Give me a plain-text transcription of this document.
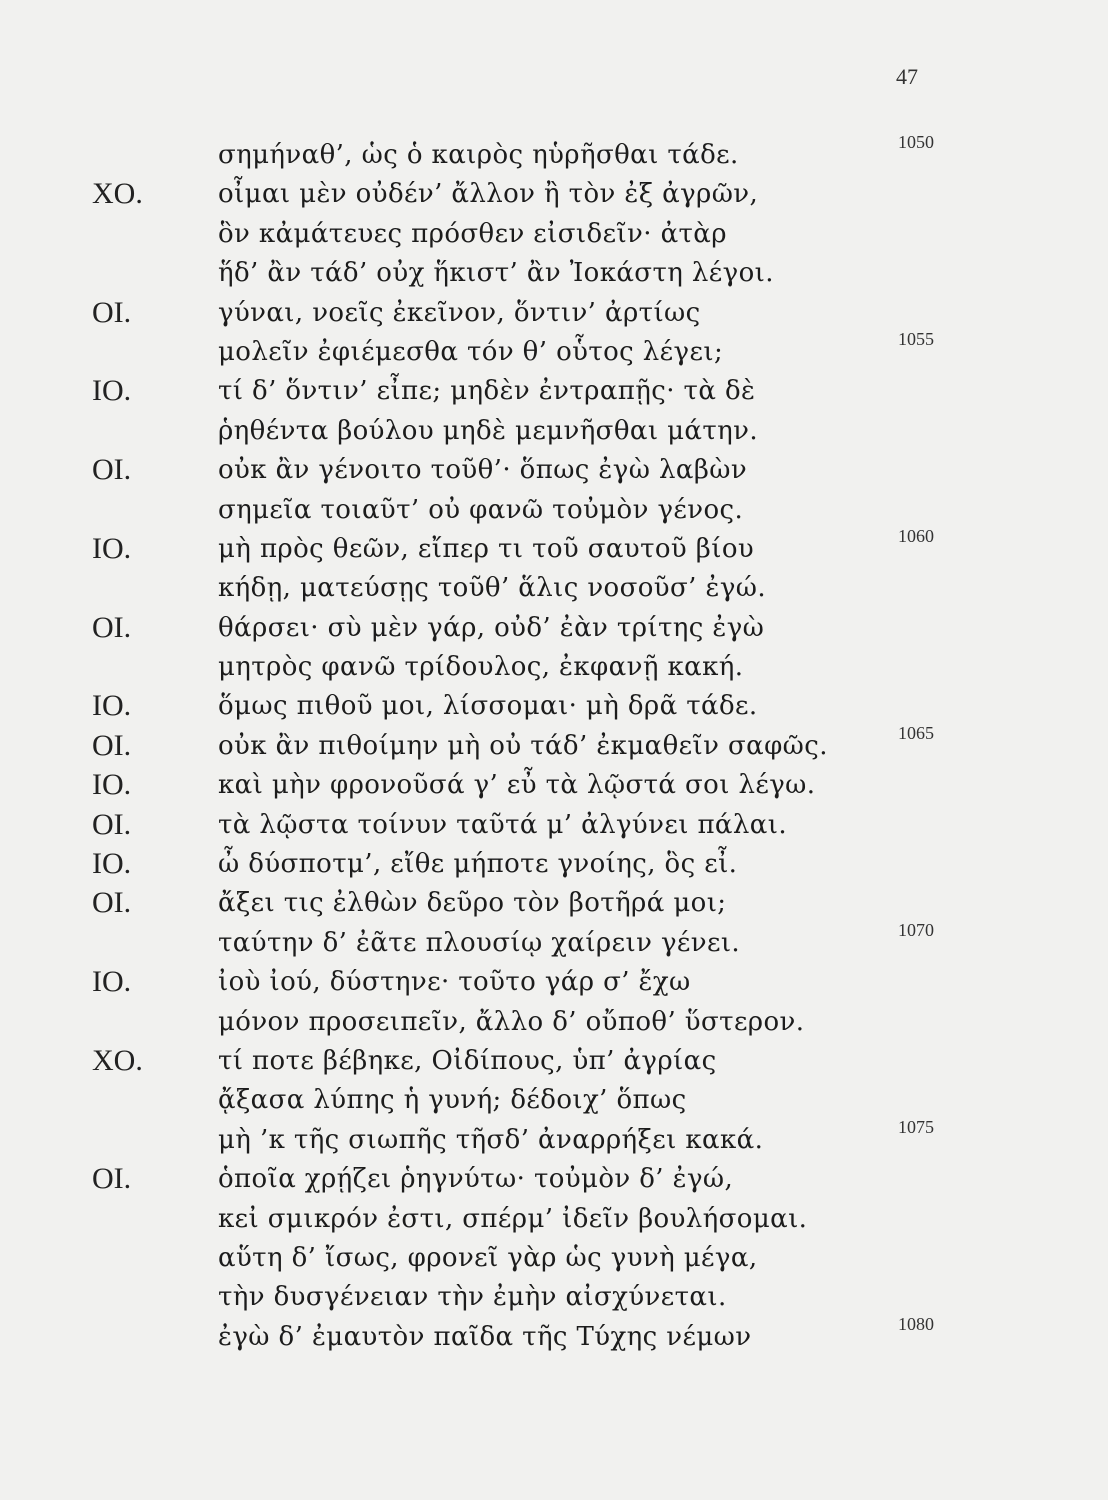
47
σημήναθ’, ὡς ὁ καιρὸς ηὑρῆσθαι τάδε.	1050
ΧΟ.	οἶμαι μὲν οὐδέν’ ἄλλον ἢ τὸν ἐξ ἀγρῶν,
ὃν κἀμάτευες πρόσθεν εἰσιδεῖν· ἀτὰρ
ἥδ’ ἂν τάδ’ οὐχ ἥκιστ’ ἂν Ἰοκάστη λέγοι.
ΟΙ.	γύναι, νοεῖς ἐκεῖνον, ὅντιν’ ἀρτίως
μολεῖν ἐφιέμεσθα τόν θ’ οὗτος λέγει;	1055
ΙΟ.	τί δ’ ὅντιν’ εἶπε; μηδὲν ἐντραπῇς· τὰ δὲ
ῥηθέντα βούλου μηδὲ μεμνῆσθαι μάτην.
ΟΙ.	οὐκ ἂν γένοιτο τοῦθ’· ὅπως ἐγὼ λαβὼν
σημεῖα τοιαῦτ’ οὐ φανῶ τοὐμὸν γένος.
ΙΟ.	μὴ πρὸς θεῶν, εἴπερ τι τοῦ σαυτοῦ βίου	1060
κήδῃ, ματεύσῃς τοῦθ’ ἅλις νοσοῦσ’ ἐγώ.
ΟΙ.	θάρσει· σὺ μὲν γάρ, οὐδ’ ἐὰν τρίτης ἐγὼ
μητρὸς φανῶ τρίδουλος, ἐκφανῇ κακή.
ΙΟ.	ὅμως πιθοῦ μοι, λίσσομαι· μὴ δρᾶ τάδε.
ΟΙ.	οὐκ ἂν πιθοίμην μὴ οὐ τάδ’ ἐκμαθεῖν σαφῶς.	1065
ΙΟ.	καὶ μὴν φρονοῦσά γ’ εὖ τὰ λῷστά σοι λέγω.
ΟΙ.	τὰ λῷστα τοίνυν ταῦτά μ’ ἀλγύνει πάλαι.
ΙΟ.	ὦ δύσποτμ’, εἴθε μήποτε γνοίης, ὃς εἶ.
ΟΙ.	ἄξει τις ἐλθὼν δεῦρο τὸν βοτῆρά μοι;
ταύτην δ’ ἐᾶτε πλουσίῳ χαίρειν γένει.	1070
ΙΟ.	ἰοὺ ἰού, δύστηνε· τοῦτο γάρ σ’ ἔχω
μόνον προσειπεῖν, ἄλλο δ’ οὔποθ’ ὕστερον.
ΧΟ.	τί ποτε βέβηκε, Οἰδίπους, ὑπ’ ἀγρίας
ᾄξασα λύπης ἡ γυνή; δέδοιχ’ ὅπως
μὴ ’κ τῆς σιωπῆς τῆσδ’ ἀναρρήξει κακά.	1075
ΟΙ.	ὁποῖα χρῄζει ῥηγνύτω· τοὐμὸν δ’ ἐγώ,
κεἰ σμικρόν ἐστι, σπέρμ’ ἰδεῖν βουλήσομαι.
αὕτη δ’ ἴσως, φρονεῖ γὰρ ὡς γυνὴ μέγα,
τὴν δυσγένειαν τὴν ἐμὴν αἰσχύνεται.
ἐγὼ δ’ ἐμαυτὸν παῖδα τῆς Τύχης νέμων	1080
